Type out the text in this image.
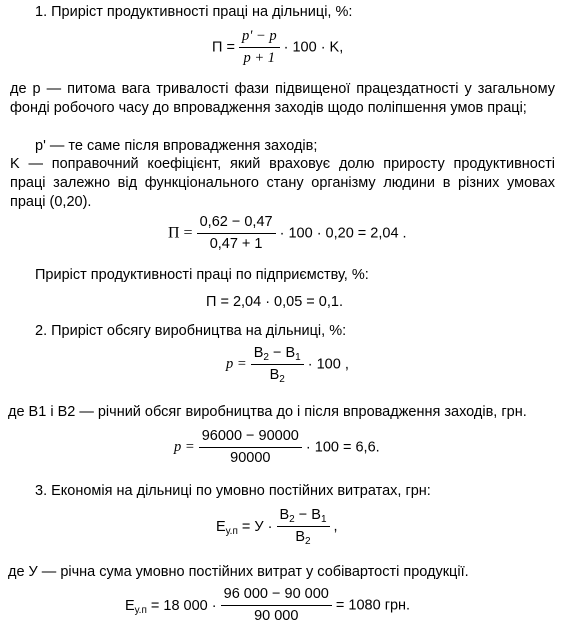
1. Приріст продуктивності праці на дільниці, %:
$П = \frac{p' - p}{p + 1} \cdot 100 \cdot K$,
де p — питома вага тривалості фази підвищеної працездатності у загальному фонді робочого часу до впровадження заходів щодо поліпшення умов праці;
p' — те саме після впровадження заходів;
K — поправочний коефіцієнт, який враховує долю приросту продуктивності праці залежно від функціонального стану організму людини в різних умовах праці (0,20).
$П = \frac{0,62 - 0,47}{0,47 + 1} \cdot 100 \cdot 0,20 = 2,04$ .
Приріст продуктивності праці по підприємству, %:
П = 2,04 · 0,05 = 0,1.
2. Приріст обсягу виробництва на дільниці, %:
$p = \frac{В_2 - В_1}{В_2} \cdot 100$ ,
де В1 і В2 — річний обсяг виробництва до і після впровадження заходів, грн.
$p = \frac{96000 - 90000}{90000} \cdot 100 = 6,6$.
3. Економія на дільниці по умовно постійних витратах, грн:
$Е_{у.п} = У \cdot \frac{В_2 - В_1}{В_2}$ ,
де У — річна сума умовно постійних витрат у собівартості продукції.
$Е_{у.п} = 18$ $000 \cdot \frac{96 000 - 90 000}{90 000} = 1080$ грн.
